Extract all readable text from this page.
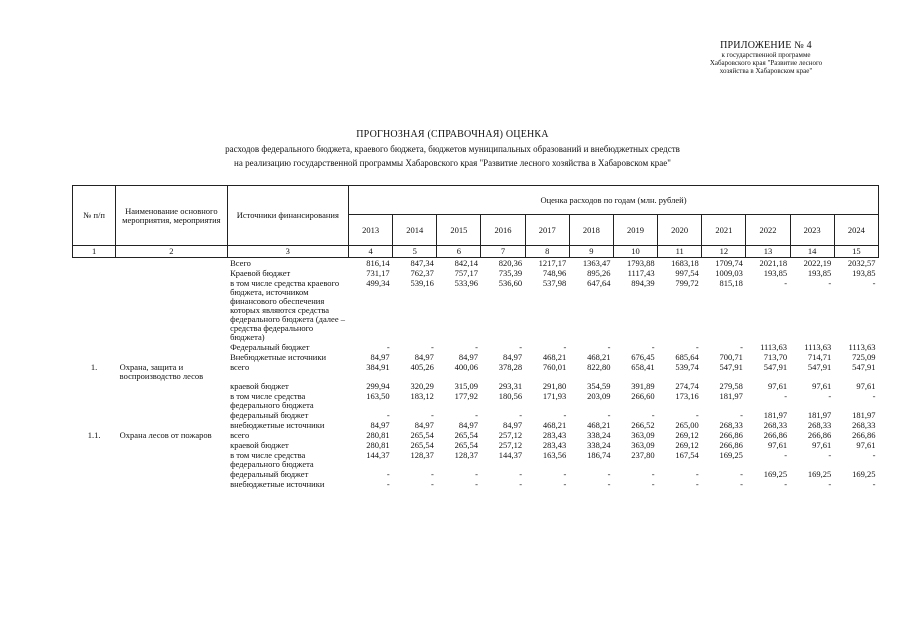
ПРИЛОЖЕНИЕ № 4
к государственной программе
Хабаровского края "Развитие лесного
хозяйства в Хабаровском крае"
ПРОГНОЗНАЯ (СПРАВОЧНАЯ) ОЦЕНКА
расходов федерального бюджета, краевого бюджета, бюджетов муниципальных образований и внебюджетных средств
на реализацию государственной программы Хабаровского края "Развитие лесного хозяйства в Хабаровском крае"
№ п/п	Наименование основного мероприятия, мероприятия	Источники финансирования	Оценка расходов по годам (млн. рублей)											
			2013	2014	2015	2016	2017	2018	2019	2020	2021	2022	2023	2024
1	2	3	4	5	6	7	8	9	10	11	12	13	14	15
		Всего	816,14	847,34	842,14	820,36	1217,17	1363,47	1793,88	1683,18	1709,74	2021,18	2022,19	2032,57
		Краевой бюджет	731,17	762,37	757,17	735,39	748,96	895,26	1117,43	997,54	1009,03	193,85	193,85	193,85
		в том числе средства краевого бюджета, источником финансового обеспечения которых являются средства федерального бюджета (далее – средства федерального бюджета)	499,34	539,16	533,96	536,60	537,98	647,64	894,39	799,72	815,18	-	-	-
		Федеральный бюджет	-	-	-	-	-	-	-	-	-	1113,63	1113,63	1113,63
		Внебюджетные источники	84,97	84,97	84,97	84,97	468,21	468,21	676,45	685,64	700,71	713,70	714,71	725,09
1.	Охрана, защита и воспроизводство лесов	всего	384,91	405,26	400,06	378,28	760,01	822,80	658,41	539,74	547,91	547,91	547,91	547,91
		краевой бюджет	299,94	320,29	315,09	293,31	291,80	354,59	391,89	274,74	279,58	97,61	97,61	97,61
		в том числе средства федерального бюджета	163,50	183,12	177,92	180,56	171,93	203,09	266,60	173,16	181,97	-	-	-
		федеральный бюджет	-	-	-	-	-	-	-	-	-	181,97	181,97	181,97
		внебюджетные источники	84,97	84,97	84,97	84,97	468,21	468,21	266,52	265,00	268,33	268,33	268,33	268,33
1.1.	Охрана лесов от пожаров	всего	280,81	265,54	265,54	257,12	283,43	338,24	363,09	269,12	266,86	266,86	266,86	266,86
		краевой бюджет	280,81	265,54	265,54	257,12	283,43	338,24	363,09	269,12	266,86	97,61	97,61	97,61
		в том числе средства федерального бюджета	144,37	128,37	128,37	144,37	163,56	186,74	237,80	167,54	169,25	-	-	-
		федеральный бюджет	-	-	-	-	-	-	-	-	-	169,25	169,25	169,25
		внебюджетные источники	-	-	-	-	-	-	-	-	-	-	-	-
